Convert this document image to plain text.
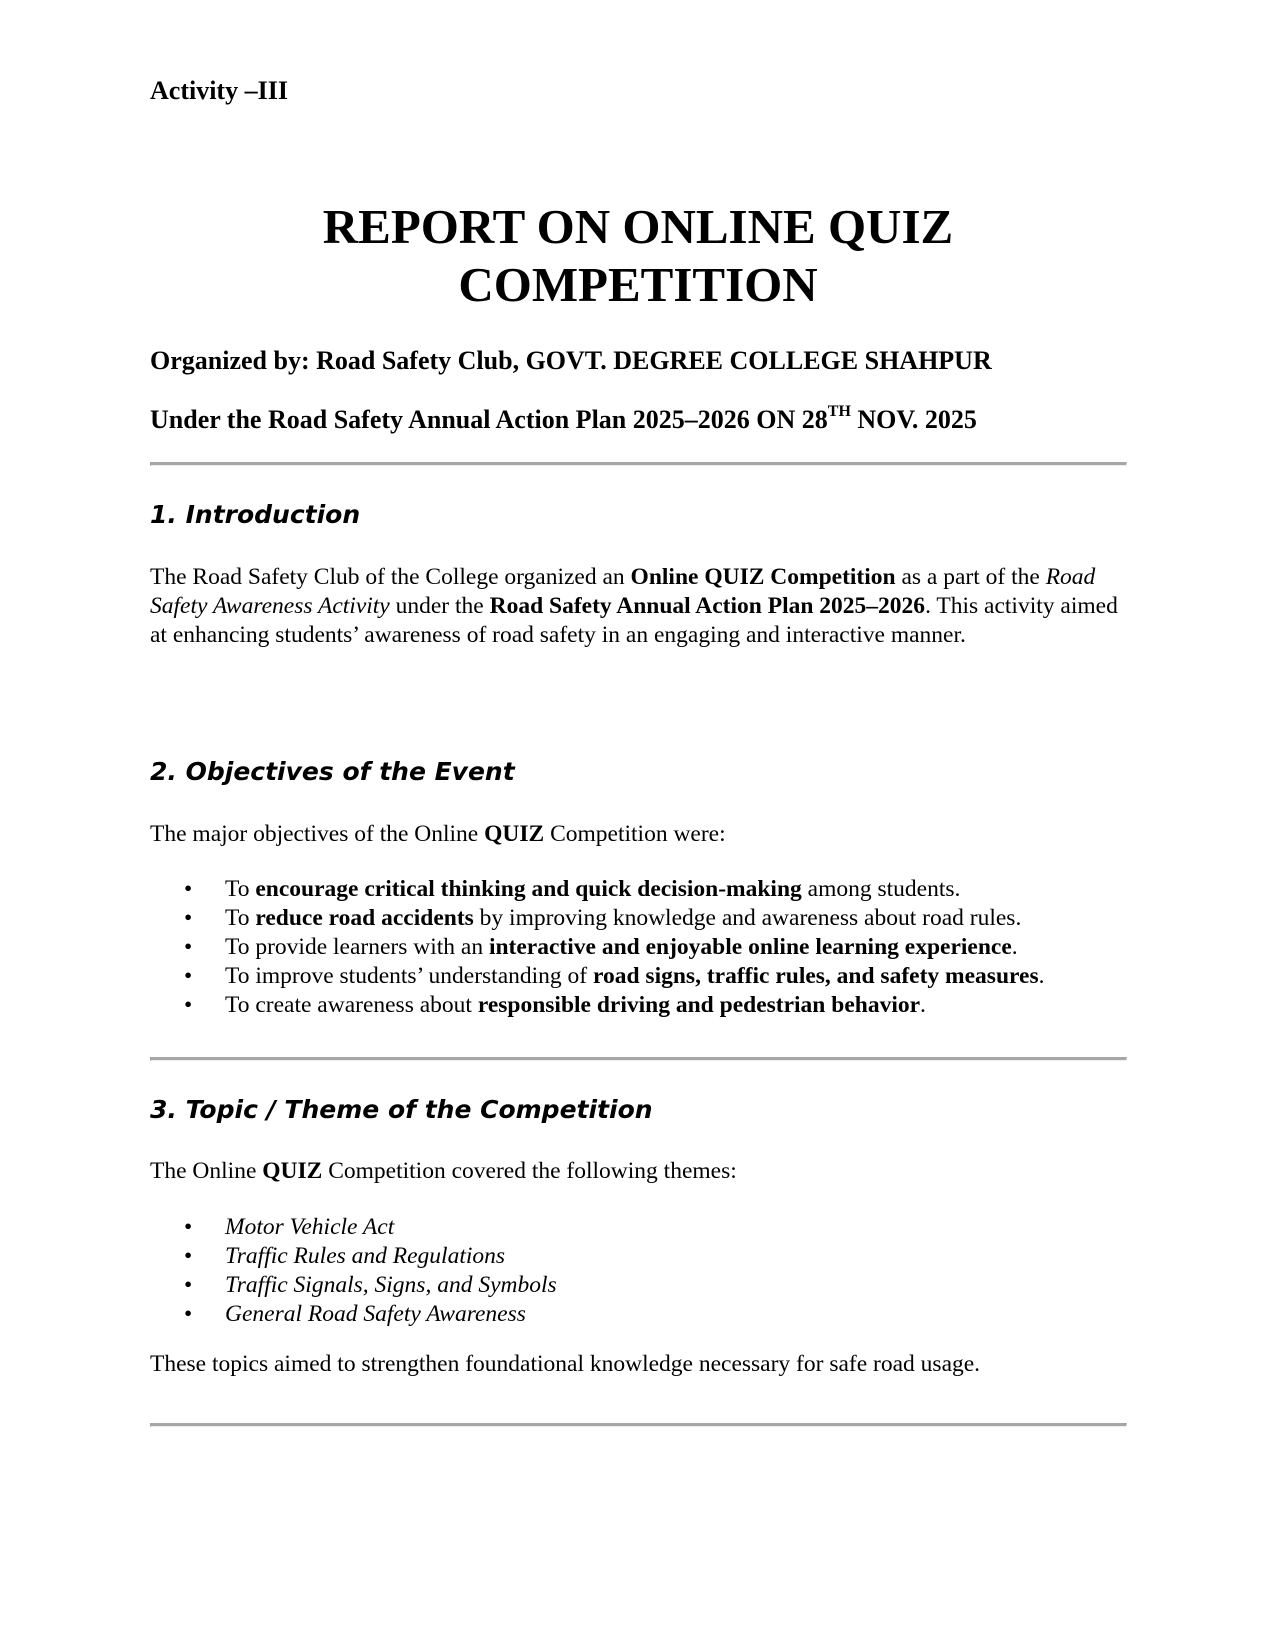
Activity –III

REPORT ON ONLINE QUIZ
COMPETITION

Organized by: Road Safety Club, GOVT. DEGREE COLLEGE SHAHPUR

Under the Road Safety Annual Action Plan 2025–2026 ON 28TH NOV. 2025

1. Introduction

The Road Safety Club of the College organized an Online QUIZ Competition as a part of the Road Safety Awareness Activity under the Road Safety Annual Action Plan 2025–2026. This activity aimed at enhancing students’ awareness of road safety in an engaging and interactive manner.

2. Objectives of the Event

The major objectives of the Online QUIZ Competition were:

• To encourage critical thinking and quick decision-making among students.
• To reduce road accidents by improving knowledge and awareness about road rules.
• To provide learners with an interactive and enjoyable online learning experience.
• To improve students’ understanding of road signs, traffic rules, and safety measures.
• To create awareness about responsible driving and pedestrian behavior.
3. Topic / Theme of the Competition

The Online QUIZ Competition covered the following themes:

• Motor Vehicle Act
• Traffic Rules and Regulations
• Traffic Signals, Signs, and Symbols
• General Road Safety Awareness

These topics aimed to strengthen foundational knowledge necessary for safe road usage.
